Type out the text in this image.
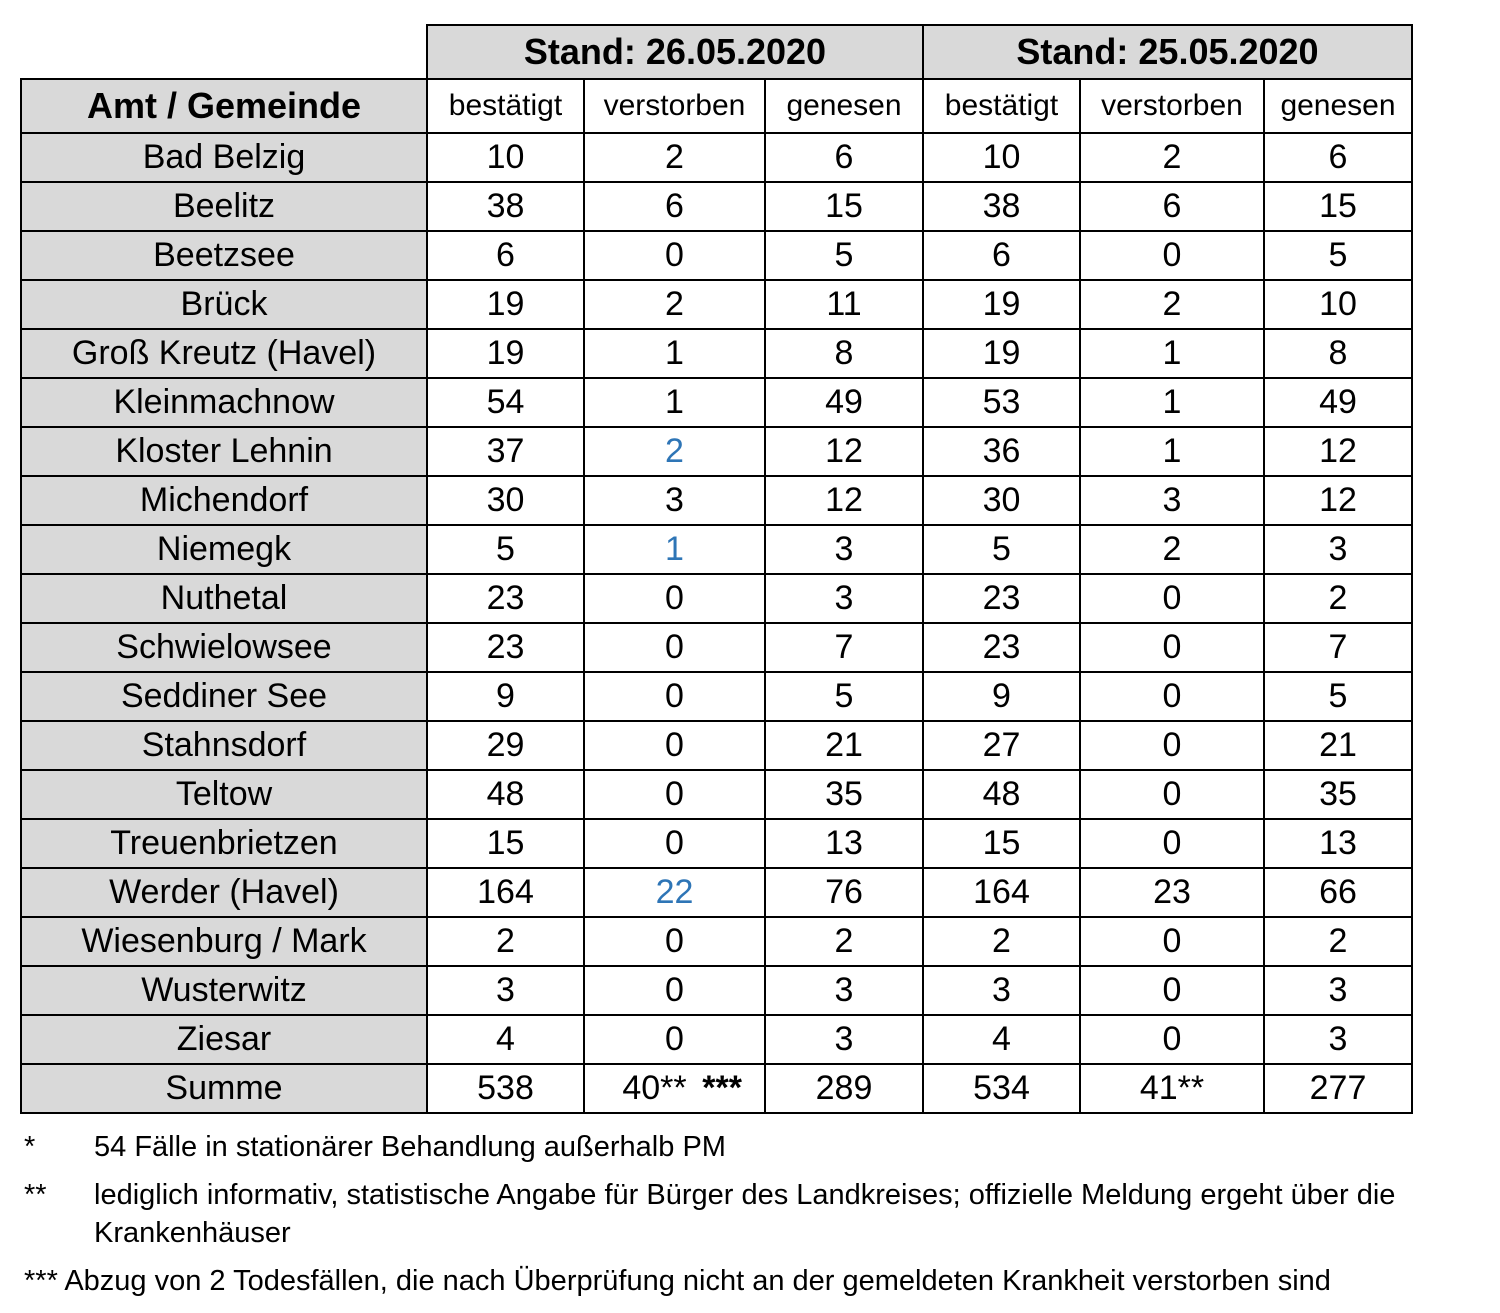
	Stand: 26.05.2020			Stand: 25.05.2020		
Amt / Gemeinde	bestätigt	verstorben	genesen	bestätigt	verstorben	genesen
Bad Belzig	10	2	6	10	2	6
Beelitz	38	6	15	38	6	15
Beetzsee	6	0	5	6	0	5
Brück	19	2	11	19	2	10
Groß Kreutz (Havel)	19	1	8	19	1	8
Kleinmachnow	54	1	49	53	1	49
Kloster Lehnin	37	2	12	36	1	12
Michendorf	30	3	12	30	3	12
Niemegk	5	1	3	5	2	3
Nuthetal	23	0	3	23	0	2
Schwielowsee	23	0	7	23	0	7
Seddiner See	9	0	5	9	0	5
Stahnsdorf	29	0	21	27	0	21
Teltow	48	0	35	48	0	35
Treuenbrietzen	15	0	13	15	0	13
Werder (Havel)	164	22	76	164	23	66
Wiesenburg / Mark	2	0	2	2	0	2
Wusterwitz	3	0	3	3	0	3
Ziesar	4	0	3	4	0	3
Summe	538	40** ***	289	534	41**	277
* 54 Fälle in stationärer Behandlung außerhalb PM
** lediglich informativ, statistische Angabe für Bürger des Landkreises; offizielle Meldung ergeht über die Krankenhäuser
*** Abzug von 2 Todesfällen, die nach Überprüfung nicht an der gemeldeten Krankheit verstorben sind
